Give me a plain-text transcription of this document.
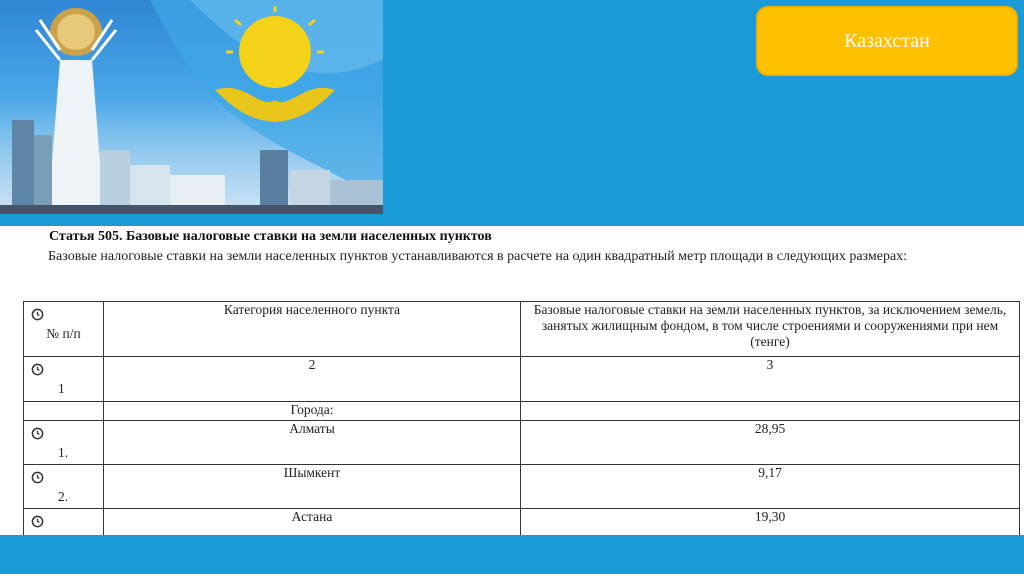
Казахстан
Статья 505. Базовые налоговые ставки на земли населенных пунктов
Базовые налоговые ставки на земли населенных пунктов устанавливаются в расчете на один квадратный метр площади в следующих размерах:
№ п/п	Категория населенного пункта	Базовые налоговые ставки на земли населенных пунктов, за исключением земель, занятых жилищным фондом, в том числе строениями и сооружениями при нем (тенге)

1	2	3
	Города:	

1.	Алматы	28,95

2.	Шымкент	9,17

	Астана	19,30
